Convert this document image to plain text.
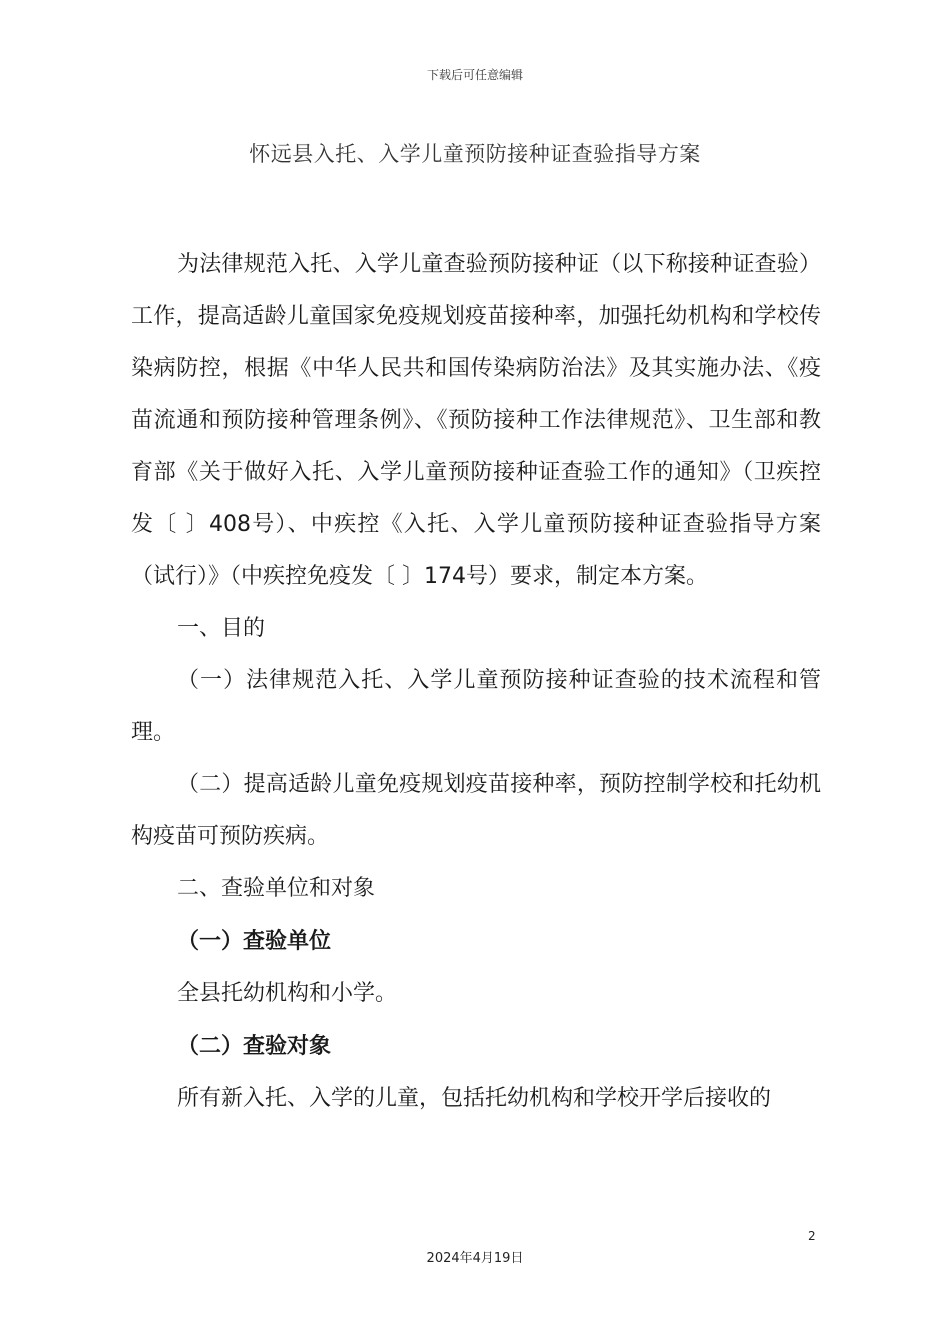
下载后可任意编辑
怀远县入托、入学儿童预防接种证查验指导方案

为法律规范入托、入学儿童查验预防接种证（以下称接种证查验）工作，提高适龄儿童国家免疫规划疫苗接种率，加强托幼机构和学校传染病防控，根据《中华人民共和国传染病防治法》及其实施办法、《疫苗流通和预防接种管理条例》、《预防接种工作法律规范》、卫生部和教育部《关于做好入托、入学儿童预防接种证查验工作的通知》（卫疾控发〔 〕408号）、中疾控《入托、入学儿童预防接种证查验指导方案（试行）》（中疾控免疫发〔 〕174号）要求，制定本方案。

一、目的

（一）法律规范入托、入学儿童预防接种证查验的技术流程和管理。

（二）提高适龄儿童免疫规划疫苗接种率，预防控制学校和托幼机构疫苗可预防疾病。

二、查验单位和对象

（一）查验单位

全县托幼机构和小学。

（二）查验对象

所有新入托、入学的儿童，包括托幼机构和学校开学后接收的

2
2024年4月19日
